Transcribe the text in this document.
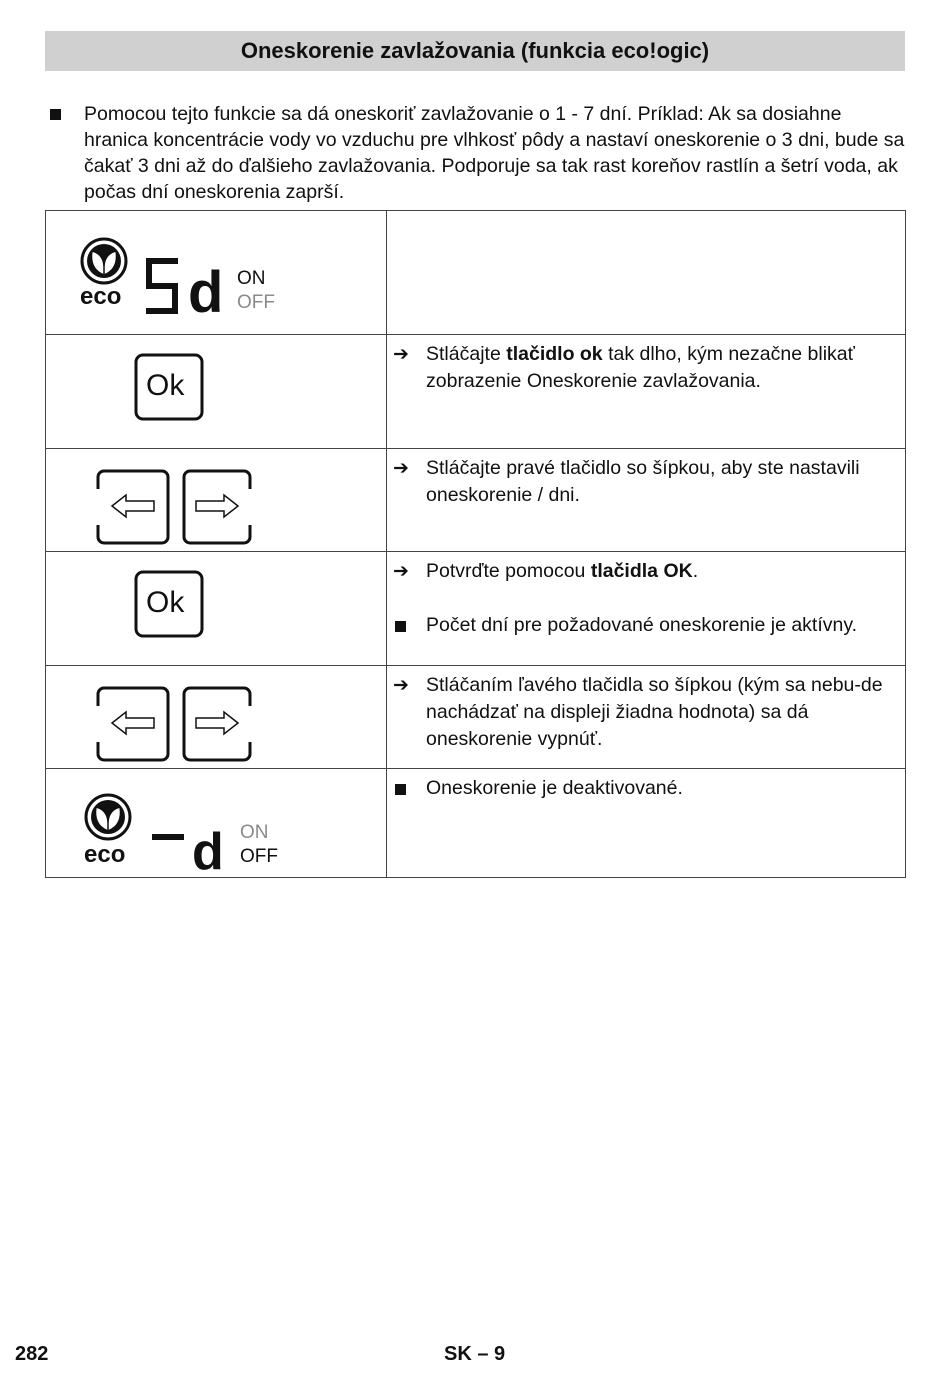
Oneskorenie zavlažovania (funkcia eco!ogic)
Pomocou tejto funkcie sa dá oneskoriť zavlažovanie o 1 - 7 dní. Príklad: Ak sa dosiahne hranica koncentrácie vody vo vzduchu pre vlhkosť pôdy a nastaví oneskorenie o 3 dni, bude sa čakať 3 dni až do ďalšieho zavlažovania. Podporuje sa tak rast koreňov rastlín a šetrí voda, ak počas dní oneskorenia zaprší.
eco d ON
OFF	

Ok	➔ Stláčajte tlačidlo ok tak dlho, kým nezačne blikať zobrazenie Oneskorenie zavlažovania.

➔ Stláčajte pravé tlačidlo so šípkou, aby ste nastavili oneskorenie / dni.

Ok	➔ Potvrďte pomocou tlačidla OK.

Počet dní pre požadované oneskorenie je aktívny.

➔ Stláčaním ľavého tlačidla so šípkou (kým sa nebu-de nachádzať na displeji žiadna hodnota) sa dá oneskorenie vypnúť.

eco d ON
OFF	Oneskorenie je deaktivované.

282	SK – 9
